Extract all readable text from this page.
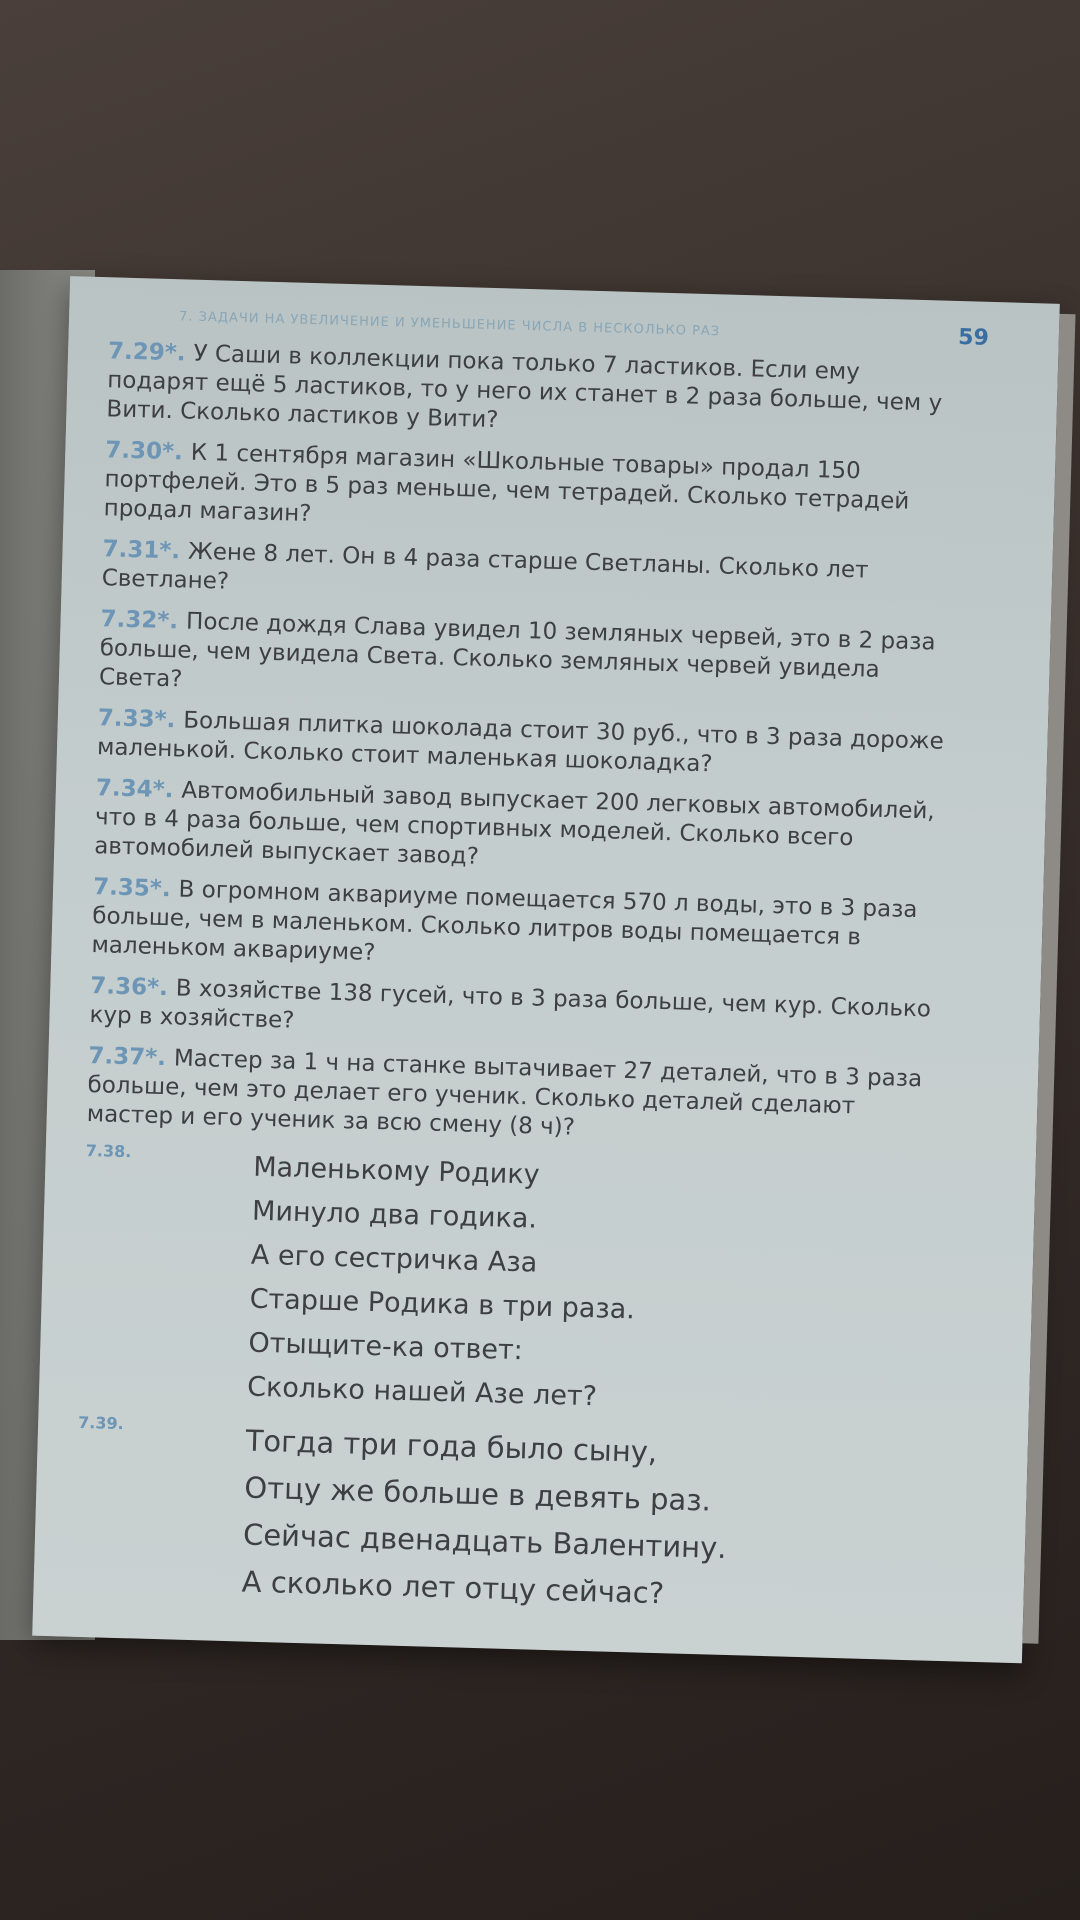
7. ЗАДАЧИ НА УВЕЛИЧЕНИЕ И УМЕНЬШЕНИЕ ЧИСЛА В НЕСКОЛЬКО РАЗ	59
7.29*. У Саши в коллекции пока только 7 ластиков. Если ему подарят ещё 5 ластиков, то у него их станет в 2 раза больше, чем у Вити. Сколько ластиков у Вити?
7.30*. К 1 сентября магазин «Школьные товары» продал 150 портфелей. Это в 5 раз меньше, чем тетрадей. Сколько тетрадей продал магазин?
7.31*. Жене 8 лет. Он в 4 раза старше Светланы. Сколько лет Светлане?
7.32*. После дождя Слава увидел 10 земляных червей, это в 2 раза больше, чем увидела Света. Сколько земляных червей увидела Света?
7.33*. Большая плитка шоколада стоит 30 руб., что в 3 раза дороже маленькой. Сколько стоит маленькая шоколадка?
7.34*. Автомобильный завод выпускает 200 легковых автомобилей, что в 4 раза больше, чем спортивных моделей. Сколько всего автомобилей выпускает завод?
7.35*. В огромном аквариуме помещается 570 л воды, это в 3 раза больше, чем в маленьком. Сколько литров воды помещается в маленьком аквариуме?
7.36*. В хозяйстве 138 гусей, что в 3 раза больше, чем кур. Сколько кур в хозяйстве?
7.37*. Мастер за 1 ч на станке вытачивает 27 деталей, что в 3 раза больше, чем это делает его ученик. Сколько деталей сделают мастер и его ученик за всю смену (8 ч)?
7.38.
Маленькому Родику
Минуло два годика.
А его сестричка Аза
Старше Родика в три раза.
Отыщите-ка ответ:
Сколько нашей Азе лет?
7.39.
Тогда три года было сыну,
Отцу же больше в девять раз.
Сейчас двенадцать Валентину.
А сколько лет отцу сейчас?
